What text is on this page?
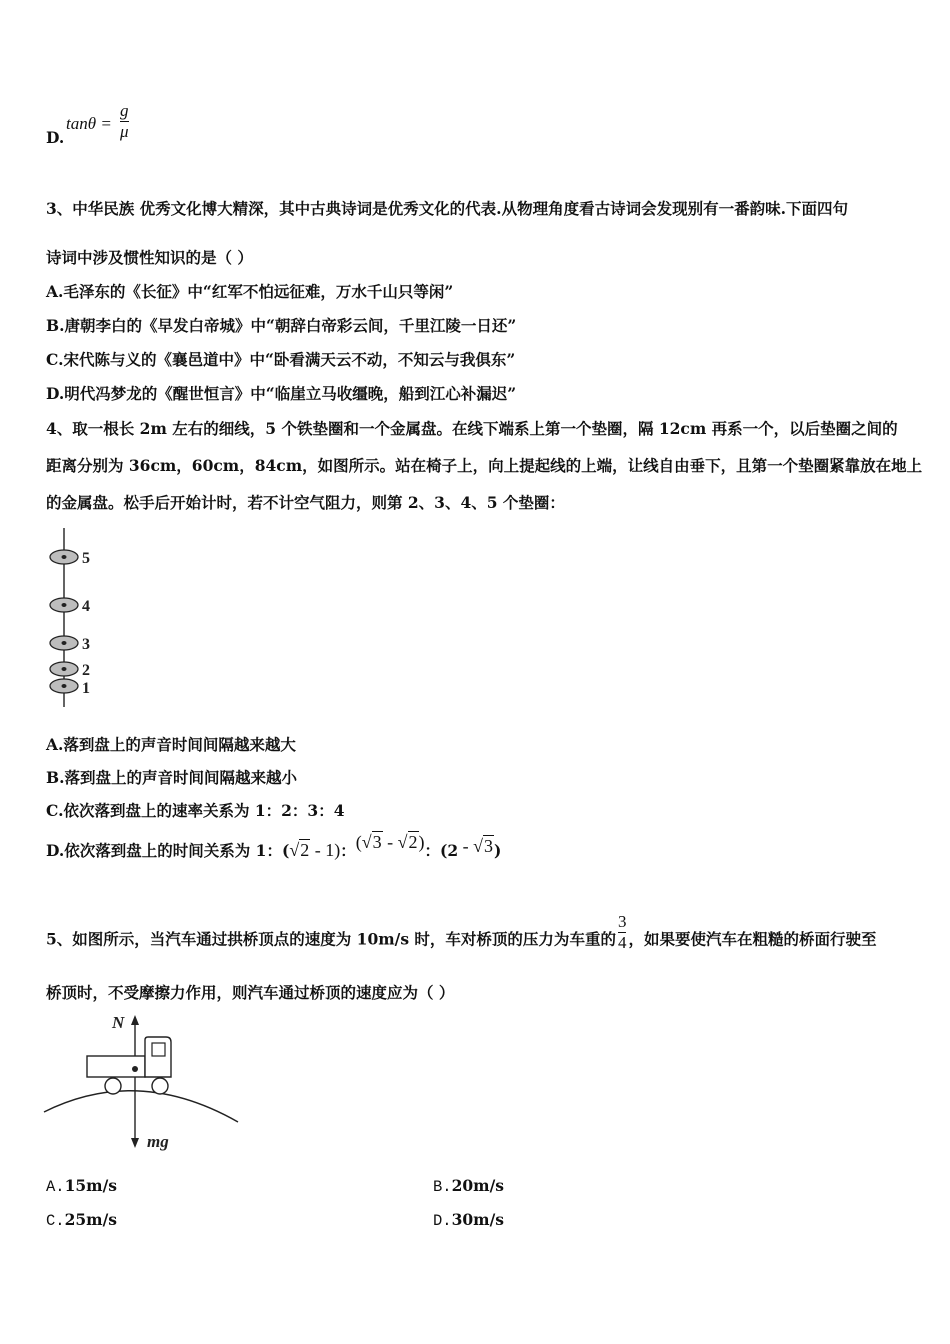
D.
tanθ =
g
μ
3、中华民族 优秀文化博大精深，其中古典诗词是优秀文化的代表.从物理角度看古诗词会发现别有一番韵味.下面四句
诗词中涉及惯性知识的是（ ）
A.毛泽东的《长征》中“红军不怕远征难，万水千山只等闲”
B.唐朝李白的《早发白帝城》中“朝辞白帝彩云间，千里江陵一日还”
C.宋代陈与义的《襄邑道中》中“卧看满天云不动，不知云与我俱东”
D.明代冯梦龙的《醒世恒言》中“临崖立马收缰晚，船到江心补漏迟”
4、取一根长 2m 左右的细线，5 个铁垫圈和一个金属盘。在线下端系上第一个垫圈，隔 12cm 再系一个，以后垫圈之间的
距离分别为 36cm，60cm，84cm，如图所示。站在椅子上，向上提起线的上端，让线自由垂下，且第一个垫圈紧靠放在地上
的金属盘。松手后开始计时，若不计空气阻力，则第 2、3、4、5 个垫圈：
5
4
3
2
1
A.落到盘上的声音时间间隔越来越大
B.落到盘上的声音时间间隔越来越小
C.依次落到盘上的速率关系为 1：2：3：4
D.依次落到盘上的时间关系为 1：(√2 - 1)：(√3 - √2)：(2 - √3)
5、如图所示，当汽车通过拱桥顶点的速度为 10m/s 时，车对桥顶的压力为车重的 $\frac{3}{4}$ ，如果要使汽车在粗糙的桥面行驶至
桥顶时，不受摩擦力作用，则汽车通过桥顶的速度应为（ ）
N
mg
A.15m/s	B.20m/s
C.25m/s	D.30m/s
